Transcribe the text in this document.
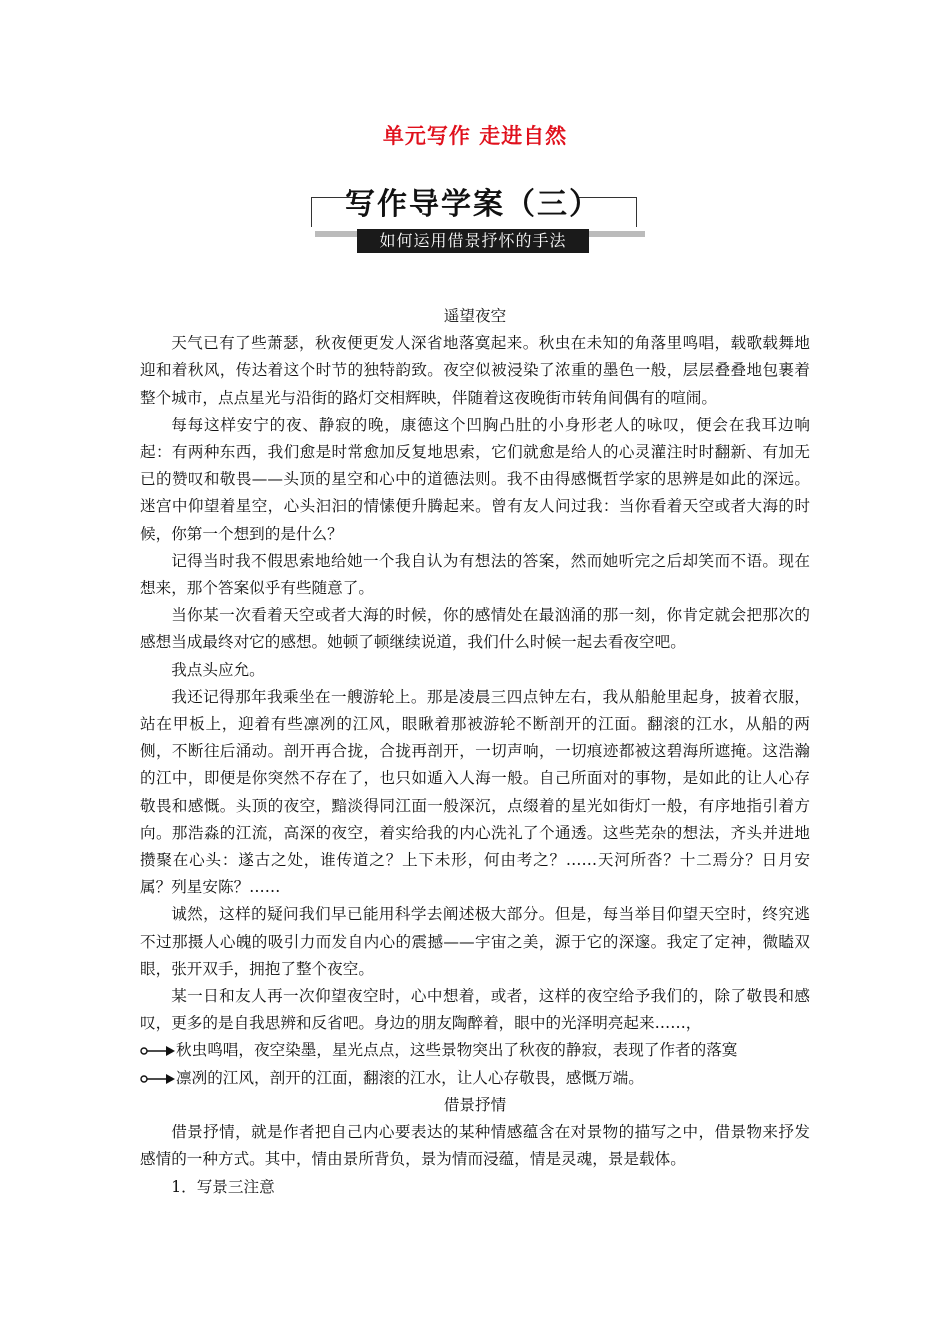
单元写作 走进自然
写作导学案（三）
如何运用借景抒怀的手法

遥望夜空

天气已有了些萧瑟，秋夜便更发人深省地落寞起来。秋虫在未知的角落里鸣唱，载歌载舞地迎和着秋风，传达着这个时节的独特韵致。夜空似被浸染了浓重的墨色一般，层层叠叠地包裹着整个城市，点点星光与沿街的路灯交相辉映，伴随着这夜晚街市转角间偶有的喧闹。

每每这样安宁的夜、静寂的晚，康德这个凹胸凸肚的小身形老人的咏叹，便会在我耳边响起：有两种东西，我们愈是时常愈加反复地思索，它们就愈是给人的心灵灌注时时翻新、有加无已的赞叹和敬畏——头顶的星空和心中的道德法则。我不由得感慨哲学家的思辨是如此的深远。迷宫中仰望着星空，心头汩汩的情愫便升腾起来。曾有友人问过我：当你看着天空或者大海的时候，你第一个想到的是什么？

记得当时我不假思索地给她一个我自认为有想法的答案，然而她听完之后却笑而不语。现在想来，那个答案似乎有些随意了。

当你某一次看着天空或者大海的时候，你的感情处在最汹涌的那一刻，你肯定就会把那次的感想当成最终对它的感想。她顿了顿继续说道，我们什么时候一起去看夜空吧。

我点头应允。

我还记得那年我乘坐在一艘游轮上。那是凌晨三四点钟左右，我从船舱里起身，披着衣服，站在甲板上，迎着有些凛冽的江风，眼瞅着那被游轮不断剖开的江面。翻滚的江水，从船的两侧，不断往后涌动。剖开再合拢，合拢再剖开，一切声响，一切痕迹都被这碧海所遮掩。这浩瀚的江中，即便是你突然不存在了，也只如遁入人海一般。自己所面对的事物，是如此的让人心存敬畏和感慨。头顶的夜空，黯淡得同江面一般深沉，点缀着的星光如街灯一般，有序地指引着方向。那浩淼的江流，高深的夜空，着实给我的内心洗礼了个通透。这些芜杂的想法，齐头并进地攒聚在心头：遂古之处，谁传道之？上下未形，何由考之？……天河所沓？十二焉分？日月安属？列星安陈？……

诚然，这样的疑问我们早已能用科学去阐述极大部分。但是，每当举目仰望天空时，终究逃不过那摄人心魄的吸引力而发自内心的震撼——宇宙之美，源于它的深邃。我定了定神，微瞌双眼，张开双手，拥抱了整个夜空。

某一日和友人再一次仰望夜空时，心中想着，或者，这样的夜空给予我们的，除了敬畏和感叹，更多的是自我思辨和反省吧。身边的朋友陶醉着，眼中的光泽明亮起来……，

秋虫鸣唱，夜空染墨，星光点点，这些景物突出了秋夜的静寂，表现了作者的落寞
凛冽的江风，剖开的江面，翻滚的江水，让人心存敬畏，感慨万端。

借景抒情

借景抒情，就是作者把自己内心要表达的某种情感蕴含在对景物的描写之中，借景物来抒发感情的一种方式。其中，情由景所背负，景为情而浸蕴，情是灵魂，景是载体。

1．写景三注意
